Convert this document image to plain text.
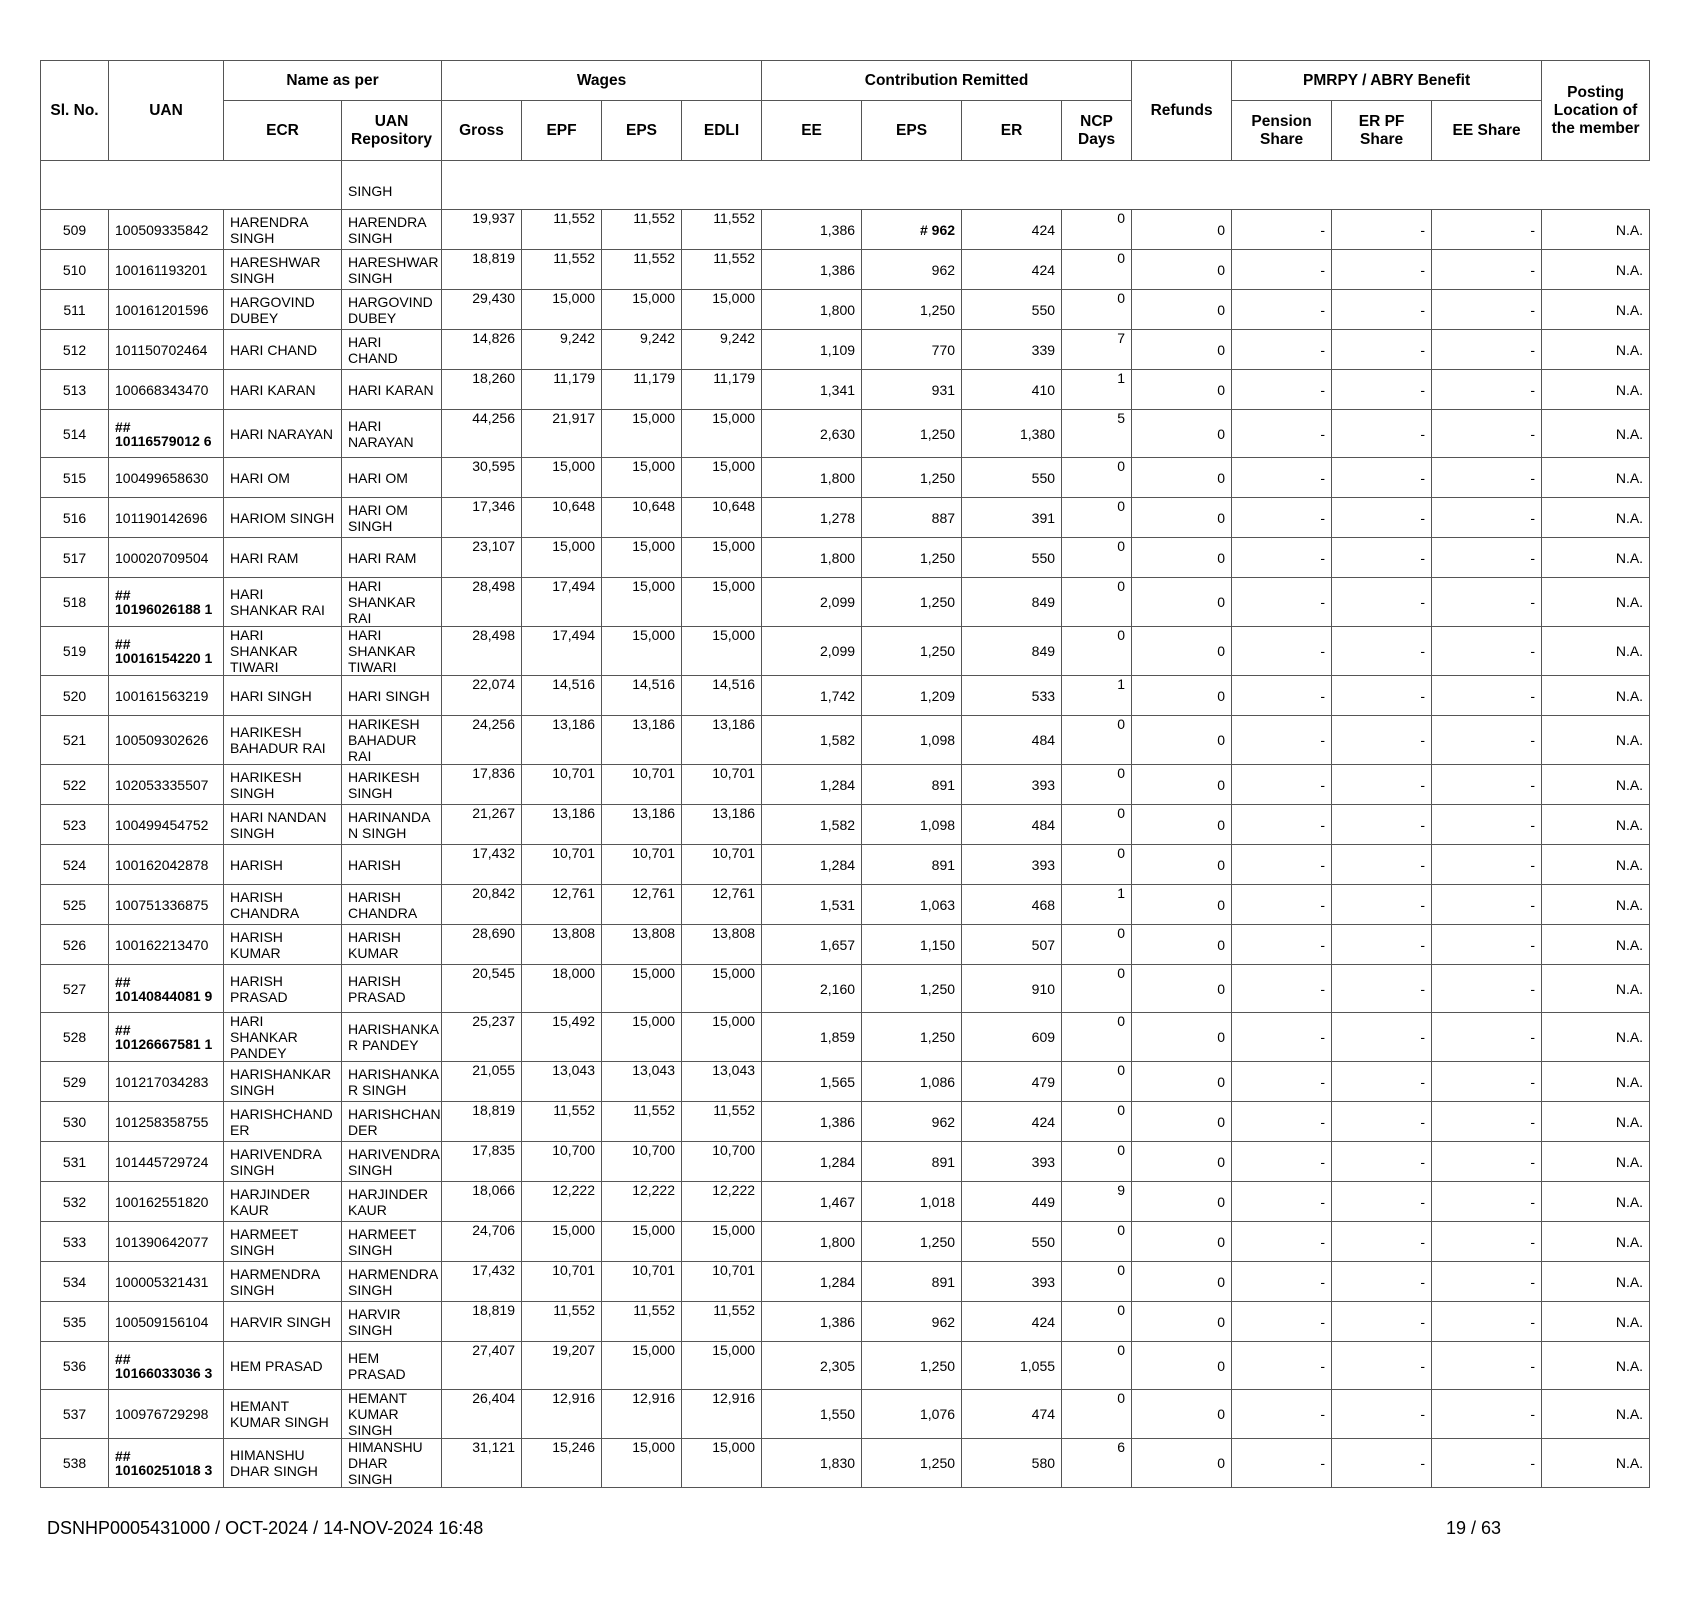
Sl. No.	UAN	Name as per		Wages				Contribution Remitted				Refunds	PMRPY / ABRY Benefit			Posting Location of the member
		ECR	UAN Repository	Gross	EPF	EPS	EDLI	EE	EPS	ER	NCP Days		Pension Share	ER PF Share	EE Share	
			SINGH													
509	100509335842	HARENDRA SINGH	HARENDRA SINGH	19,937	11,552	11,552	11,552	1,386	# 962	424	0	0	-	-	-	N.A.
510	100161193201	HARESHWAR SINGH	HARESHWAR SINGH	18,819	11,552	11,552	11,552	1,386	962	424	0	0	-	-	-	N.A.
511	100161201596	HARGOVIND DUBEY	HARGOVIND DUBEY	29,430	15,000	15,000	15,000	1,800	1,250	550	0	0	-	-	-	N.A.
512	101150702464	HARI CHAND	HARI CHAND	14,826	9,242	9,242	9,242	1,109	770	339	7	0	-	-	-	N.A.
513	100668343470	HARI KARAN	HARI KARAN	18,260	11,179	11,179	11,179	1,341	931	410	1	0	-	-	-	N.A.
514	## 10116579012 6	HARI NARAYAN	HARI NARAYAN	44,256	21,917	15,000	15,000	2,630	1,250	1,380	5	0	-	-	-	N.A.
515	100499658630	HARI OM	HARI OM	30,595	15,000	15,000	15,000	1,800	1,250	550	0	0	-	-	-	N.A.
516	101190142696	HARIOM SINGH	HARI OM SINGH	17,346	10,648	10,648	10,648	1,278	887	391	0	0	-	-	-	N.A.
517	100020709504	HARI RAM	HARI RAM	23,107	15,000	15,000	15,000	1,800	1,250	550	0	0	-	-	-	N.A.
518	## 10196026188 1	HARI SHANKAR RAI	HARI SHANKAR RAI	28,498	17,494	15,000	15,000	2,099	1,250	849	0	0	-	-	-	N.A.
519	## 10016154220 1	HARI SHANKAR TIWARI	HARI SHANKAR TIWARI	28,498	17,494	15,000	15,000	2,099	1,250	849	0	0	-	-	-	N.A.
520	100161563219	HARI SINGH	HARI SINGH	22,074	14,516	14,516	14,516	1,742	1,209	533	1	0	-	-	-	N.A.
521	100509302626	HARIKESH BAHADUR RAI	HARIKESH BAHADUR RAI	24,256	13,186	13,186	13,186	1,582	1,098	484	0	0	-	-	-	N.A.
522	102053335507	HARIKESH SINGH	HARIKESH SINGH	17,836	10,701	10,701	10,701	1,284	891	393	0	0	-	-	-	N.A.
523	100499454752	HARI NANDAN SINGH	HARINANDA N SINGH	21,267	13,186	13,186	13,186	1,582	1,098	484	0	0	-	-	-	N.A.
524	100162042878	HARISH	HARISH	17,432	10,701	10,701	10,701	1,284	891	393	0	0	-	-	-	N.A.
525	100751336875	HARISH CHANDRA	HARISH CHANDRA	20,842	12,761	12,761	12,761	1,531	1,063	468	1	0	-	-	-	N.A.
526	100162213470	HARISH KUMAR	HARISH KUMAR	28,690	13,808	13,808	13,808	1,657	1,150	507	0	0	-	-	-	N.A.
527	## 10140844081 9	HARISH PRASAD	HARISH PRASAD	20,545	18,000	15,000	15,000	2,160	1,250	910	0	0	-	-	-	N.A.
528	## 10126667581 1	HARI SHANKAR PANDEY	HARISHANKA R PANDEY	25,237	15,492	15,000	15,000	1,859	1,250	609	0	0	-	-	-	N.A.
529	101217034283	HARISHANKAR SINGH	HARISHANKA R SINGH	21,055	13,043	13,043	13,043	1,565	1,086	479	0	0	-	-	-	N.A.
530	101258358755	HARISHCHAND ER	HARISHCHAN DER	18,819	11,552	11,552	11,552	1,386	962	424	0	0	-	-	-	N.A.
531	101445729724	HARIVENDRA SINGH	HARIVENDRA SINGH	17,835	10,700	10,700	10,700	1,284	891	393	0	0	-	-	-	N.A.
532	100162551820	HARJINDER KAUR	HARJINDER KAUR	18,066	12,222	12,222	12,222	1,467	1,018	449	9	0	-	-	-	N.A.
533	101390642077	HARMEET SINGH	HARMEET SINGH	24,706	15,000	15,000	15,000	1,800	1,250	550	0	0	-	-	-	N.A.
534	100005321431	HARMENDRA SINGH	HARMENDRA SINGH	17,432	10,701	10,701	10,701	1,284	891	393	0	0	-	-	-	N.A.
535	100509156104	HARVIR SINGH	HARVIR SINGH	18,819	11,552	11,552	11,552	1,386	962	424	0	0	-	-	-	N.A.
536	## 10166033036 3	HEM PRASAD	HEM PRASAD	27,407	19,207	15,000	15,000	2,305	1,250	1,055	0	0	-	-	-	N.A.
537	100976729298	HEMANT KUMAR SINGH	HEMANT KUMAR SINGH	26,404	12,916	12,916	12,916	1,550	1,076	474	0	0	-	-	-	N.A.
538	## 10160251018 3	HIMANSHU DHAR SINGH	HIMANSHU DHAR SINGH	31,121	15,246	15,000	15,000	1,830	1,250	580	6	0	-	-	-	N.A.
DSNHP0005431000 / OCT-2024 / 14-NOV-2024 16:48	19 / 63
